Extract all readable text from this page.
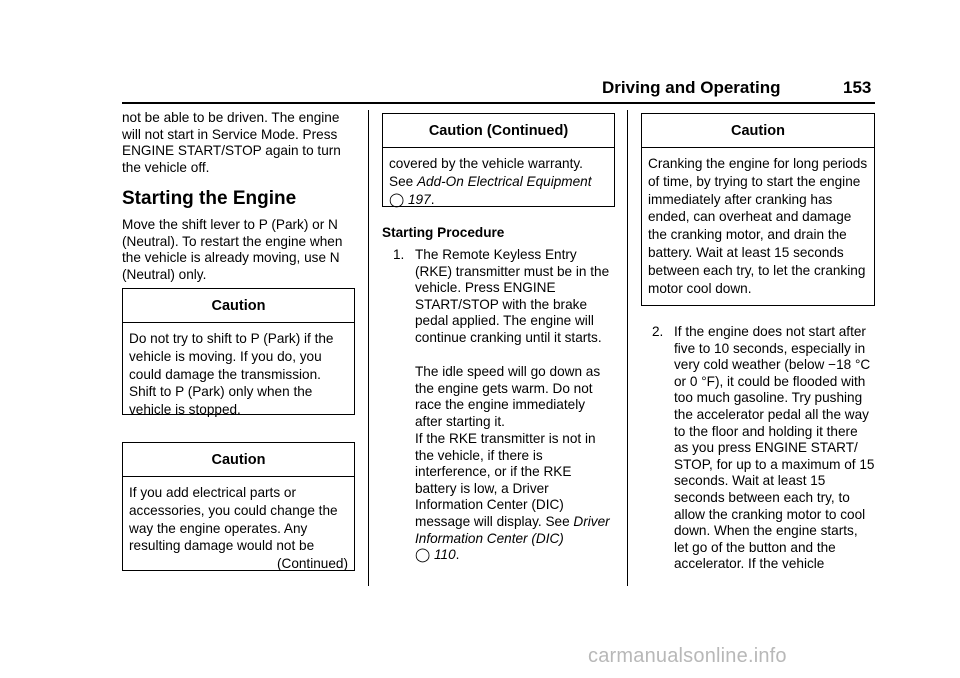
Driving and Operating	153

not be able to be driven. The engine will not start in Service Mode. Press ENGINE START/STOP again to turn the vehicle off.

Starting the Engine

Move the shift lever to P (Park) or N (Neutral). To restart the engine when the vehicle is already moving, use N (Neutral) only.

Caution
Do not try to shift to P (Park) if the vehicle is moving. If you do, you could damage the transmission. Shift to P (Park) only when the vehicle is stopped.
Caution
If you add electrical parts or accessories, you could change the way the engine operates. Any resulting damage would not be
(Continued)
Caution (Continued)
covered by the vehicle warranty. See Add-On Electrical Equipment
◯ 197.
Starting Procedure
1. The Remote Keyless Entry (RKE) transmitter must be in the vehicle. Press ENGINE START/STOP with the brake pedal applied. The engine will continue cranking until it starts.
The idle speed will go down as the engine gets warm. Do not race the engine immediately after starting it.
If the RKE transmitter is not in the vehicle, if there is interference, or if the RKE battery is low, a Driver Information Center (DIC) message will display. See Driver Information Center (DIC)
◯ 110.
Caution
Cranking the engine for long periods of time, by trying to start the engine immediately after cranking has ended, can overheat and damage the cranking motor, and drain the battery. Wait at least 15 seconds between each try, to let the cranking motor cool down.
2. If the engine does not start after five to 10 seconds, especially in very cold weather (below −18 °C or 0 °F), it could be flooded with too much gasoline. Try pushing the accelerator pedal all the way to the floor and holding it there as you press ENGINE START/ STOP, for up to a maximum of 15 seconds. Wait at least 15 seconds between each try, to allow the cranking motor to cool down. When the engine starts, let go of the button and the accelerator. If the vehicle
carmanualsonline.info
